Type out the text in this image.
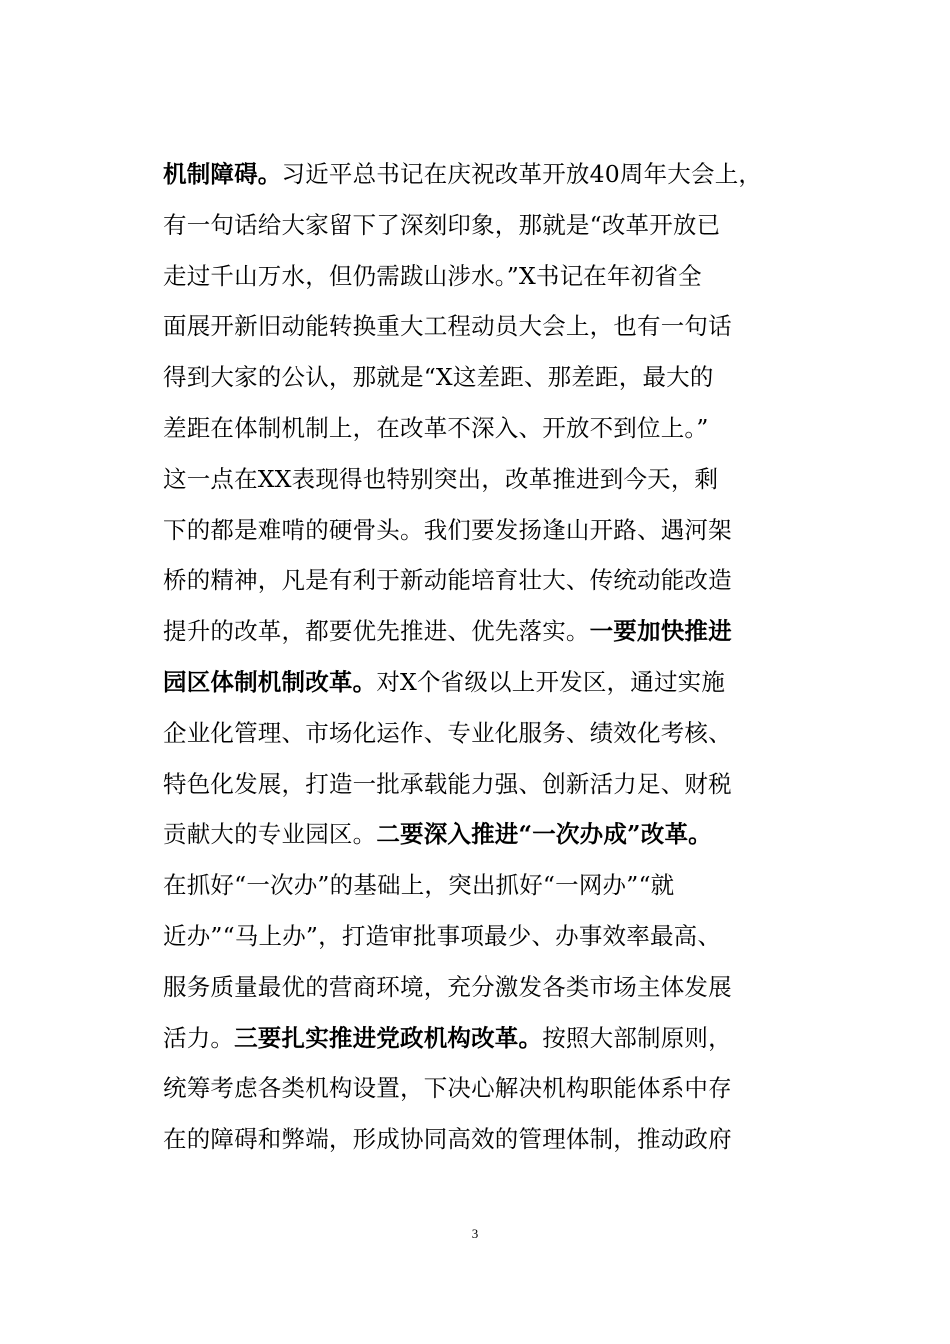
机制障碍。习近平总书记在庆祝改革开放40周年大会上，
有一句话给大家留下了深刻印象，那就是“改革开放已
走过千山万水，但仍需跋山涉水。”X书记在年初省全
面展开新旧动能转换重大工程动员大会上，也有一句话
得到大家的公认，那就是“X这差距、那差距，最大的
差距在体制机制上，在改革不深入、开放不到位上。”
这一点在XX表现得也特别突出，改革推进到今天，剩
下的都是难啃的硬骨头。我们要发扬逢山开路、遇河架
桥的精神，凡是有利于新动能培育壮大、传统动能改造
提升的改革，都要优先推进、优先落实。一要加快推进
园区体制机制改革。对X个省级以上开发区，通过实施
企业化管理、市场化运作、专业化服务、绩效化考核、
特色化发展，打造一批承载能力强、创新活力足、财税
贡献大的专业园区。二要深入推进“一次办成”改革。
在抓好“一次办”的基础上，突出抓好“一网办”“就
近办”“马上办”，打造审批事项最少、办事效率最高、
服务质量最优的营商环境，充分激发各类市场主体发展
活力。三要扎实推进党政机构改革。按照大部制原则，
统筹考虑各类机构设置，下决心解决机构职能体系中存
在的障碍和弊端，形成协同高效的管理体制，推动政府
3
